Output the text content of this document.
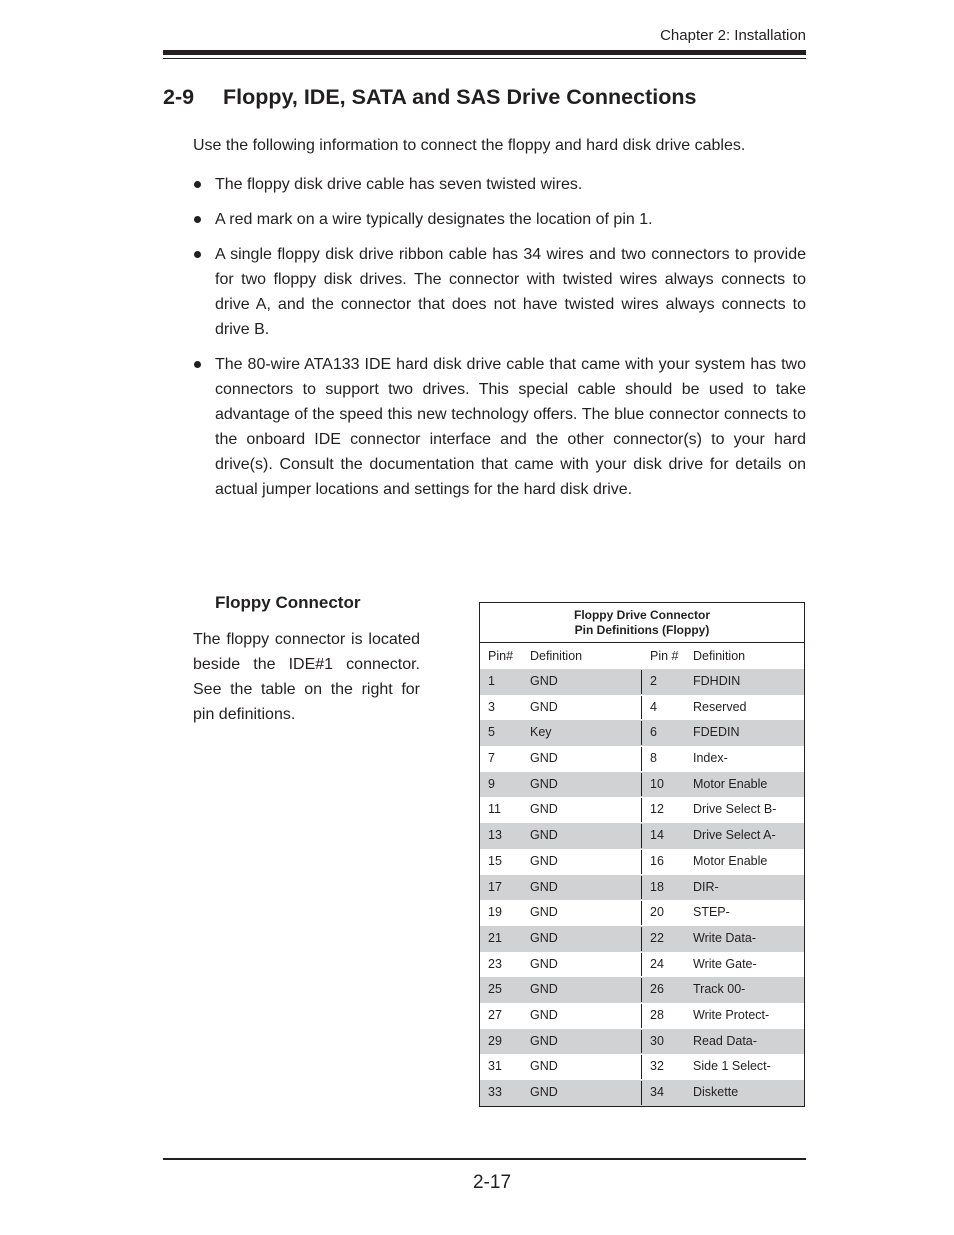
Chapter 2: Installation
2-9 Floppy, IDE, SATA and SAS Drive Connections

Use the following information to connect the floppy and hard disk drive cables.

The floppy disk drive cable has seven twisted wires.
A red mark on a wire typically designates the location of pin 1.
A single floppy disk drive ribbon cable has 34 wires and two connectors to provide for two floppy disk drives. The connector with twisted wires always connects to drive A, and the connector that does not have twisted wires always connects to drive B.
The 80-wire ATA133 IDE hard disk drive cable that came with your system has two connectors to support two drives. This special cable should be used to take advantage of the speed this new technology offers. The blue connector connects to the onboard IDE connector interface and the other connector(s) to your hard drive(s). Consult the documentation that came with your disk drive for details on actual jumper locations and settings for the hard disk drive.
Floppy Connector

The floppy connector is located beside the IDE#1 connector. See the table on the right for pin definitions.

Floppy Drive Connector
Pin Definitions (Floppy)
Pin# Definition	Pin # Definition
1	GND	2	FDHDIN
3	GND	4	Reserved
5	Key	6	FDEDIN
7	GND	8	Index-
9	GND	10 Motor Enable
11 GND	12 Drive Select B-
13 GND	14 Drive Select A-
15 GND	16 Motor Enable
17 GND	18 DIR-
19 GND	20 STEP-
21 GND	22 Write Data-
23 GND	24 Write Gate-
25 GND	26 Track 00-
27 GND	28 Write Protect-
29 GND	30 Read Data-
31 GND	32 Side 1 Select-
33 GND	34 Diskette
2-17
